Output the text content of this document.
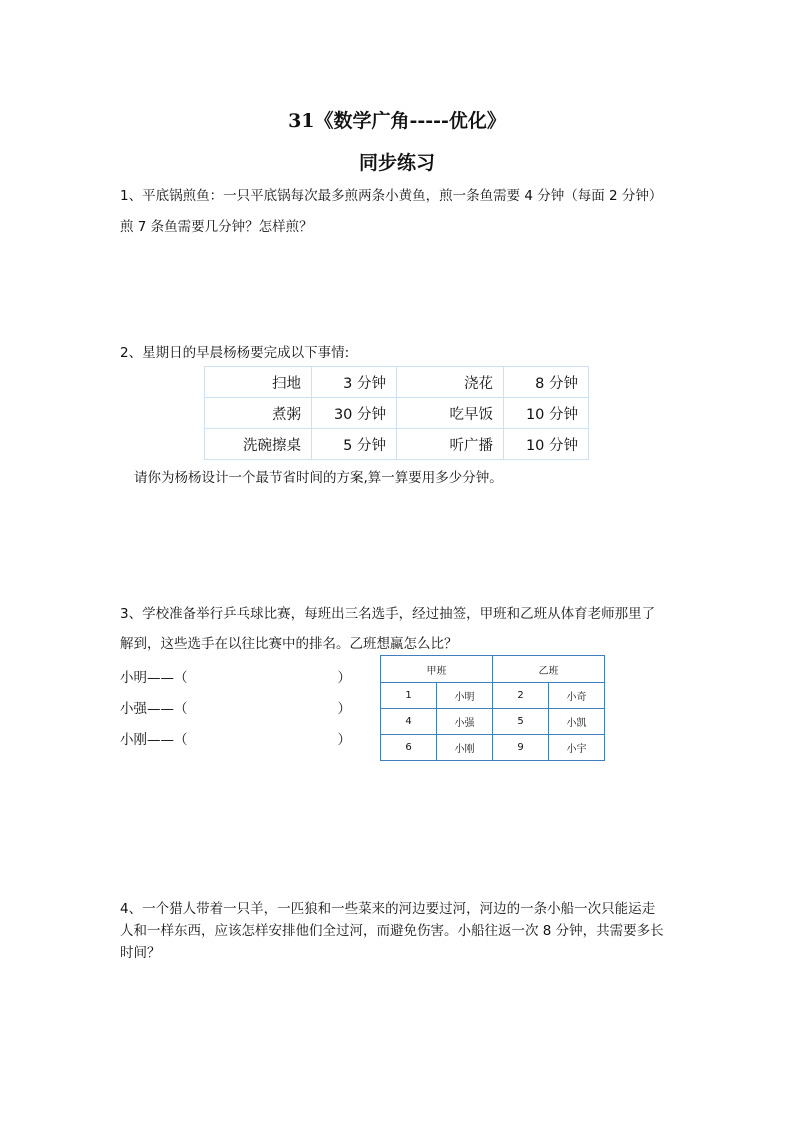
31《数学广角-----优化》
同步练习
1、平底锅煎鱼：一只平底锅每次最多煎两条小黄鱼，煎一条鱼需要 4 分钟（每面 2 分钟）
煎 7 条鱼需要几分钟？怎样煎？
2、星期日的早晨杨杨要完成以下事情:
扫地	3 分钟	浇花	8 分钟
煮粥	30 分钟	吃早饭	10 分钟
洗碗擦桌	5 分钟	听广播	10 分钟
请你为杨杨设计一个最节省时间的方案,算一算要用多少分钟。
3、学校准备举行乒乓球比赛，每班出三名选手，经过抽签，甲班和乙班从体育老师那里了
解到，这些选手在以往比赛中的排名。乙班想赢怎么比？
小明——（	）
小强——（	）
小刚——（	）
甲班		乙班	
1	小明	2	小奇
4	小强	5	小凯
6	小刚	9	小宇
4、一个猎人带着一只羊，一匹狼和一些菜来的河边要过河，河边的一条小船一次只能运走
人和一样东西，应该怎样安排他们全过河，而避免伤害。小船往返一次 8 分钟，共需要多长
时间？
